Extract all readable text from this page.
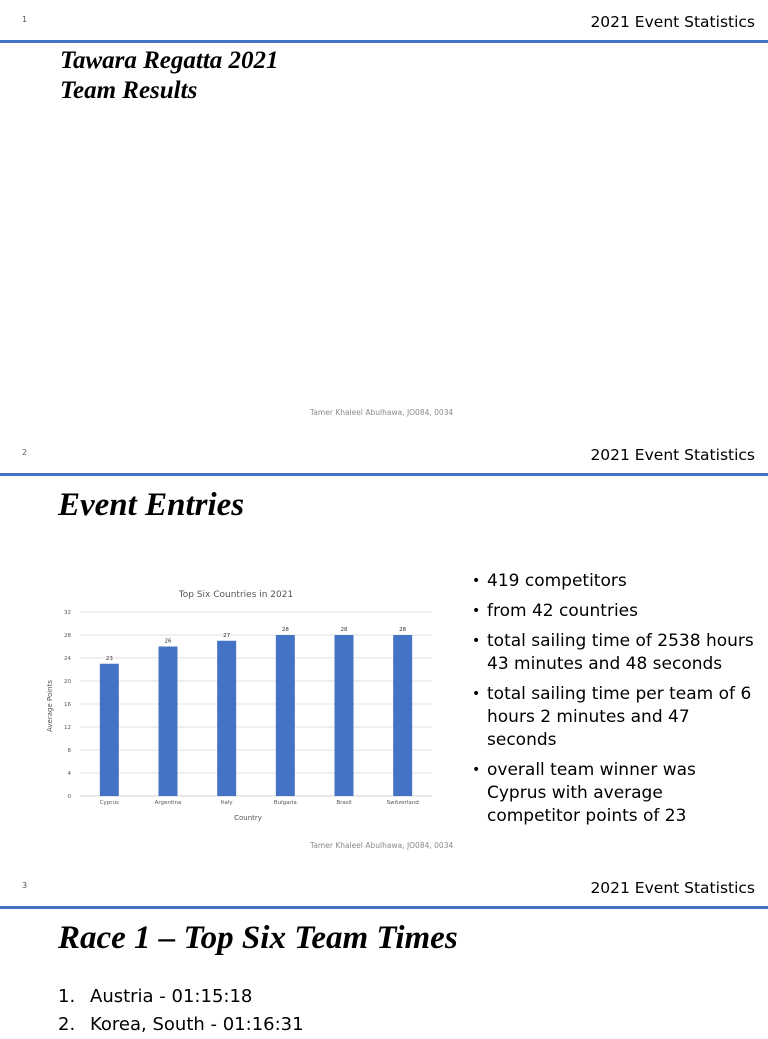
1	2021 Event Statistics
Tawara Regatta 2021
Team Results
Tamer Khaleel Abulhawa, JO084, 0034
2	2021 Event Statistics
Event Entries
Top Six Countries in 2021
0
4
8
12
16
20
24
28
32
23
26
27
28	28	28
Cyprus	Argentina	Italy	Bulgaria	Brazil	Switzerland
Country
Average Points
• 419 competitors
• from 42 countries
• total sailing time of 2538 hours 43 minutes and 48 seconds
• total sailing time per team of 6 hours 2 minutes and 47 seconds
• overall team winner was Cyprus with average competitor points of 23
Tamer Khaleel Abulhawa, JO084, 0034
3	2021 Event Statistics
Race 1 – Top Six Team Times
1. Austria - 01:15:18
2. Korea, South - 01:16:31
